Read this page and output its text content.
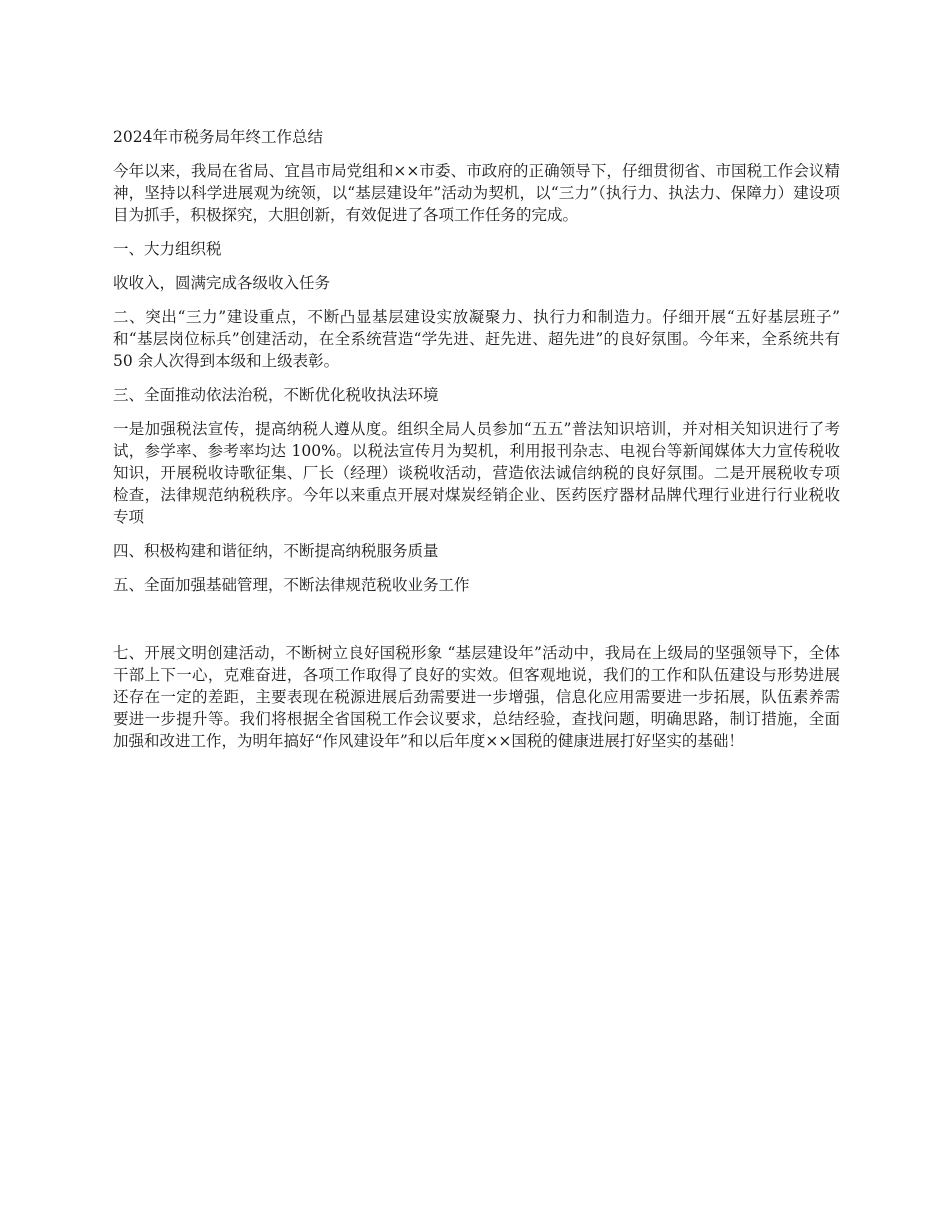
2024年市税务局年终工作总结

今年以来，我局在省局、宜昌市局党组和××市委、市政府的正确领导下，仔细贯彻省、市国税工作会议精神，坚持以科学进展观为统领，以“基层建设年”活动为契机，以“三力”（执行力、执法力、保障力）建设项目为抓手，积极探究，大胆创新，有效促进了各项工作任务的完成。

一、大力组织税

收收入，圆满完成各级收入任务

二、突出“三力”建设重点，不断凸显基层建设实放凝聚力、执行力和制造力。仔细开展“五好基层班子” 和“基层岗位标兵”创建活动，在全系统营造“学先进、赶先进、超先进”的良好氛围。今年来，全系统共有 50 余人次得到本级和上级表彰。

三、全面推动依法治税，不断优化税收执法环境

一是加强税法宣传，提高纳税人遵从度。组织全局人员参加“五五”普法知识培训，并对相关知识进行了考试，参学率、参考率均达 100%。以税法宣传月为契机，利用报刊杂志、电视台等新闻媒体大力宣传税收知识，开展税收诗歌征集、厂长（经理）谈税收活动，营造依法诚信纳税的良好氛围。二是开展税收专项检查，法律规范纳税秩序。今年以来重点开展对煤炭经销企业、医药医疗器材品牌代理行业进行行业税收专项

四、积极构建和谐征纳，不断提高纳税服务质量

五、全面加强基础管理，不断法律规范税收业务工作

七、开展文明创建活动，不断树立良好国税形象 “基层建设年”活动中，我局在上级局的坚强领导下，全体干部上下一心，克难奋进，各项工作取得了良好的实效。但客观地说，我们的工作和队伍建设与形势进展还存在一定的差距，主要表现在税源进展后劲需要进一步增强，信息化应用需要进一步拓展，队伍素养需要进一步提升等。我们将根据全省国税工作会议要求，总结经验，查找问题，明确思路，制订措施，全面加强和改进工作，为明年搞好“作风建设年”和以后年度××国税的健康进展打好坚实的基础！
